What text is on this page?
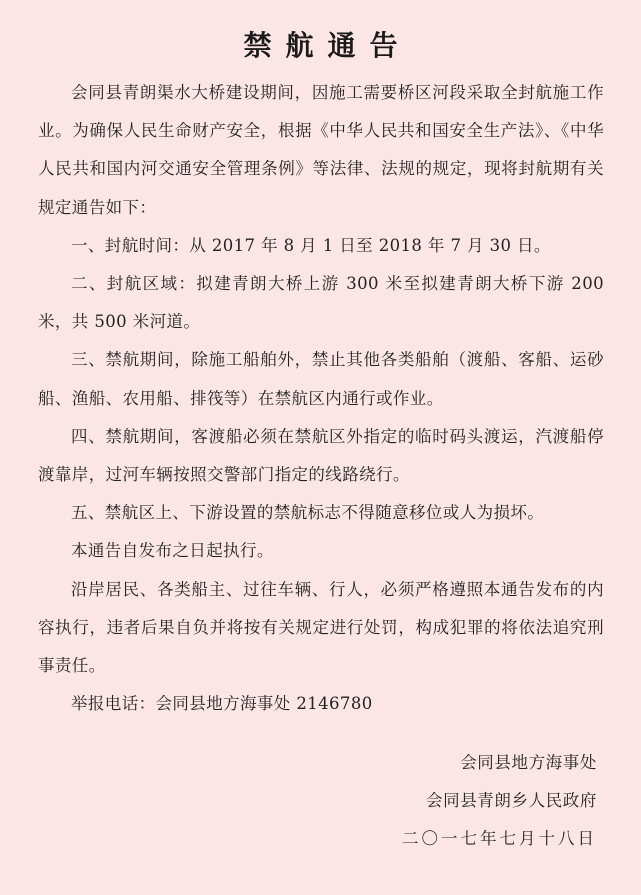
禁航通告

会同县青朗渠水大桥建设期间，因施工需要桥区河段采取全封航施工作业。为确保人民生命财产安全，根据《中华人民共和国安全生产法》、《中华人民共和国内河交通安全管理条例》等法律、法规的规定，现将封航期有关规定通告如下：

一、封航时间：从 2017 年 8 月 1 日至 2018 年 7 月 30 日。

二、封航区域：拟建青朗大桥上游 300 米至拟建青朗大桥下游 200 米，共 500 米河道。

三、禁航期间，除施工船舶外，禁止其他各类船舶（渡船、客船、运砂船、渔船、农用船、排筏等）在禁航区内通行或作业。

四、禁航期间，客渡船必须在禁航区外指定的临时码头渡运，汽渡船停渡靠岸，过河车辆按照交警部门指定的线路绕行。

五、禁航区上、下游设置的禁航标志不得随意移位或人为损坏。

本通告自发布之日起执行。

沿岸居民、各类船主、过往车辆、行人，必须严格遵照本通告发布的内容执行，违者后果自负并将按有关规定进行处罚，构成犯罪的将依法追究刑事责任。

举报电话：会同县地方海事处 2146780

会同县地方海事处

会同县青朗乡人民政府

二〇一七年七月十八日
